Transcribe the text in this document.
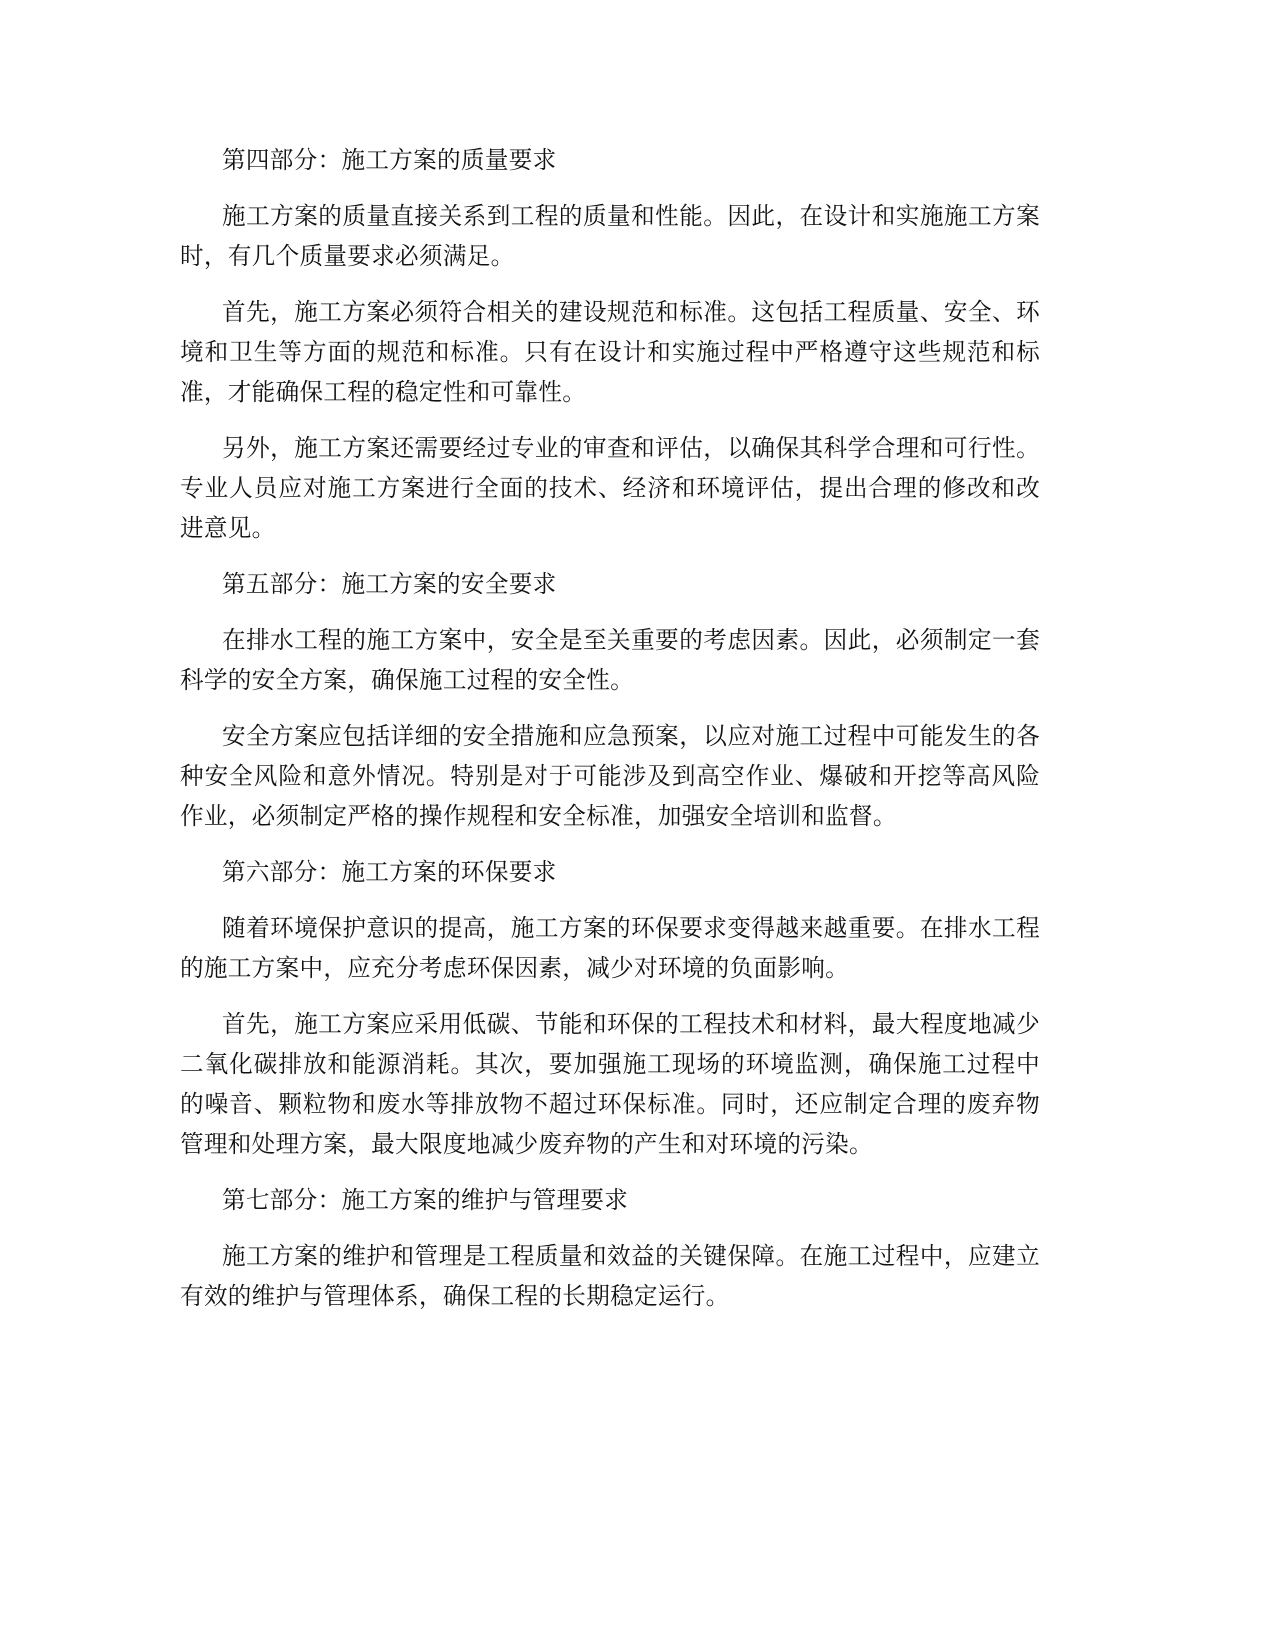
第四部分：施工方案的质量要求

施工方案的质量直接关系到工程的质量和性能。因此，在设计和实施施工方案时，有几个质量要求必须满足。

首先，施工方案必须符合相关的建设规范和标准。这包括工程质量、安全、环境和卫生等方面的规范和标准。只有在设计和实施过程中严格遵守这些规范和标准，才能确保工程的稳定性和可靠性。

另外，施工方案还需要经过专业的审查和评估，以确保其科学合理和可行性。专业人员应对施工方案进行全面的技术、经济和环境评估，提出合理的修改和改进意见。

第五部分：施工方案的安全要求

在排水工程的施工方案中，安全是至关重要的考虑因素。因此，必须制定一套科学的安全方案，确保施工过程的安全性。

安全方案应包括详细的安全措施和应急预案，以应对施工过程中可能发生的各种安全风险和意外情况。特别是对于可能涉及到高空作业、爆破和开挖等高风险作业，必须制定严格的操作规程和安全标准，加强安全培训和监督。

第六部分：施工方案的环保要求

随着环境保护意识的提高，施工方案的环保要求变得越来越重要。在排水工程的施工方案中，应充分考虑环保因素，减少对环境的负面影响。

首先，施工方案应采用低碳、节能和环保的工程技术和材料，最大程度地减少二氧化碳排放和能源消耗。其次，要加强施工现场的环境监测，确保施工过程中的噪音、颗粒物和废水等排放物不超过环保标准。同时，还应制定合理的废弃物管理和处理方案，最大限度地减少废弃物的产生和对环境的污染。

第七部分：施工方案的维护与管理要求

施工方案的维护和管理是工程质量和效益的关键保障。在施工过程中，应建立有效的维护与管理体系，确保工程的长期稳定运行。
